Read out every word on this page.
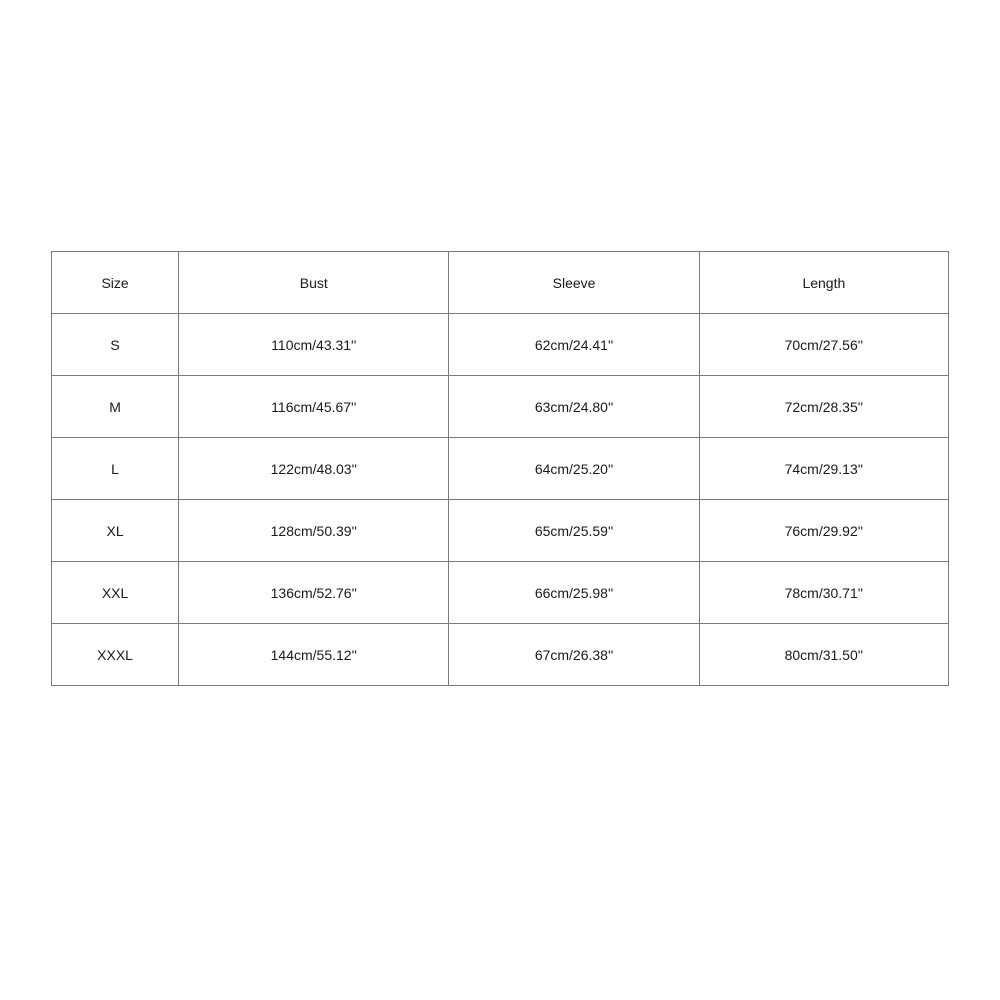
Size	Bust	Sleeve	Length
S	110cm/43.31''	62cm/24.41''	70cm/27.56''
M	116cm/45.67''	63cm/24.80''	72cm/28.35''
L	122cm/48.03''	64cm/25.20''	74cm/29.13''
XL	128cm/50.39''	65cm/25.59''	76cm/29.92''
XXL	136cm/52.76''	66cm/25.98''	78cm/30.71''
XXXL	144cm/55.12''	67cm/26.38''	80cm/31.50''
